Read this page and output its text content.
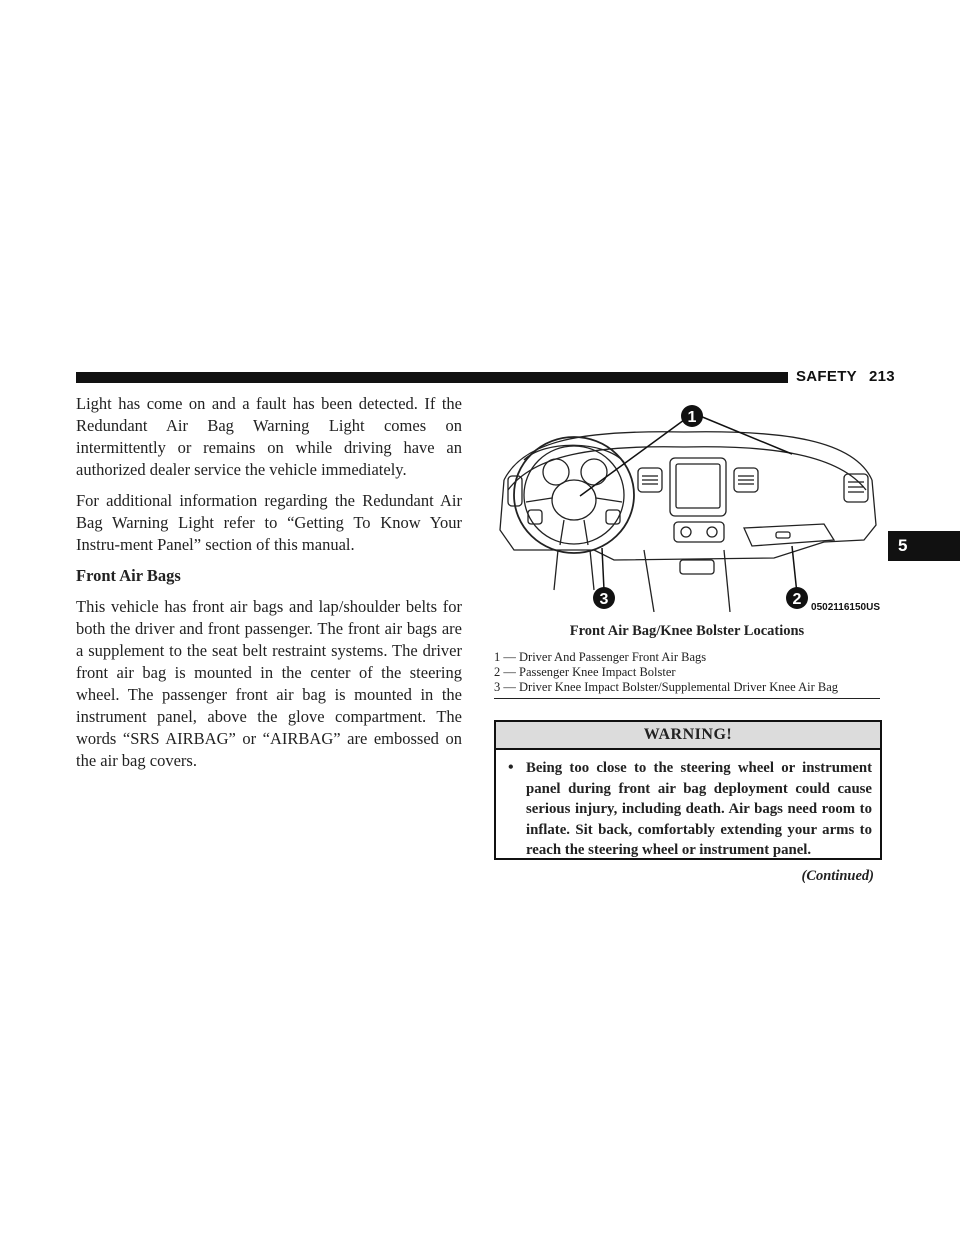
SAFETY 213
5

Light has come on and a fault has been detected. If the Redundant Air Bag Warning Light comes on intermittently or remains on while driving have an authorized dealer service the vehicle immediately.

For additional information regarding the Redundant Air Bag Warning Light refer to “Getting To Know Your Instru-ment Panel” section of this manual.

Front Air Bags

This vehicle has front air bags and lap/shoulder belts for both the driver and front passenger. The front air bags are a supplement to the seat belt restraint systems. The driver front air bag is mounted in the center of the steering wheel. The passenger front air bag is mounted in the instrument panel, above the glove compartment. The words “SRS AIRBAG” or “AIRBAG” are embossed on the air bag covers.

1
2
3	0502116150US
Front Air Bag/Knee Bolster Locations
1 — Driver And Passenger Front Air Bags
2 — Passenger Knee Impact Bolster
3 — Driver Knee Impact Bolster/Supplemental Driver Knee Air Bag
WARNING!
• Being too close to the steering wheel or instrument panel during front air bag deployment could cause serious injury, including death. Air bags need room to inflate. Sit back, comfortably extending your arms to reach the steering wheel or instrument panel.
(Continued)
